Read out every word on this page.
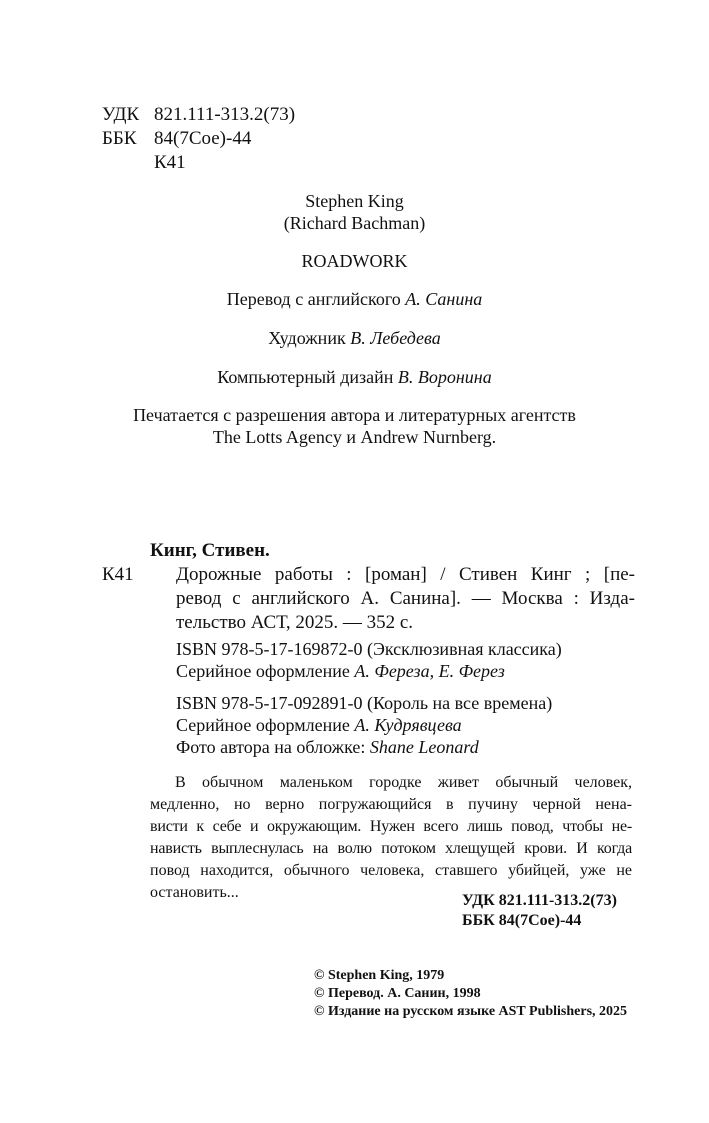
УДК 821.111-313.2(73)
ББК 84(7Сое)-44
К41
Stephen King
(Richard Bachman)
ROADWORK
Перевод с английского А. Санина
Художник В. Лебедева
Компьютерный дизайн В. Воронина
Печатается с разрешения автора и литературных агентств
The Lotts Agency и Andrew Nurnberg.
Кинг, Стивен.
К41 Дорожные работы : [роман] / Стивен Кинг ; [пе-
ревод с английского А. Санина]. — Москва : Изда-
тельство АСТ, 2025. — 352 с.
ISBN 978-5-17-169872-0 (Эксклюзивная классика)
Серийное оформление А. Фереза, Е. Ферез
ISBN 978-5-17-092891-0 (Король на все времена)
Серийное оформление А. Кудрявцева
Фото автора на обложке: Shane Leonard
В обычном маленьком городке живет обычный человек,
медленно, но верно погружающийся в пучину черной нена-
висти к себе и окружающим. Нужен всего лишь повод, чтобы не-
нависть выплеснулась на волю потоком хлещущей крови. И когда
повод находится, обычного человека, ставшего убийцей, уже не
остановить...	УДК 821.111-313.2(73)
ББК 84(7Сое)-44
© Stephen King, 1979
© Перевод. А. Санин, 1998
© Издание на русском языке AST Publishers, 2025
